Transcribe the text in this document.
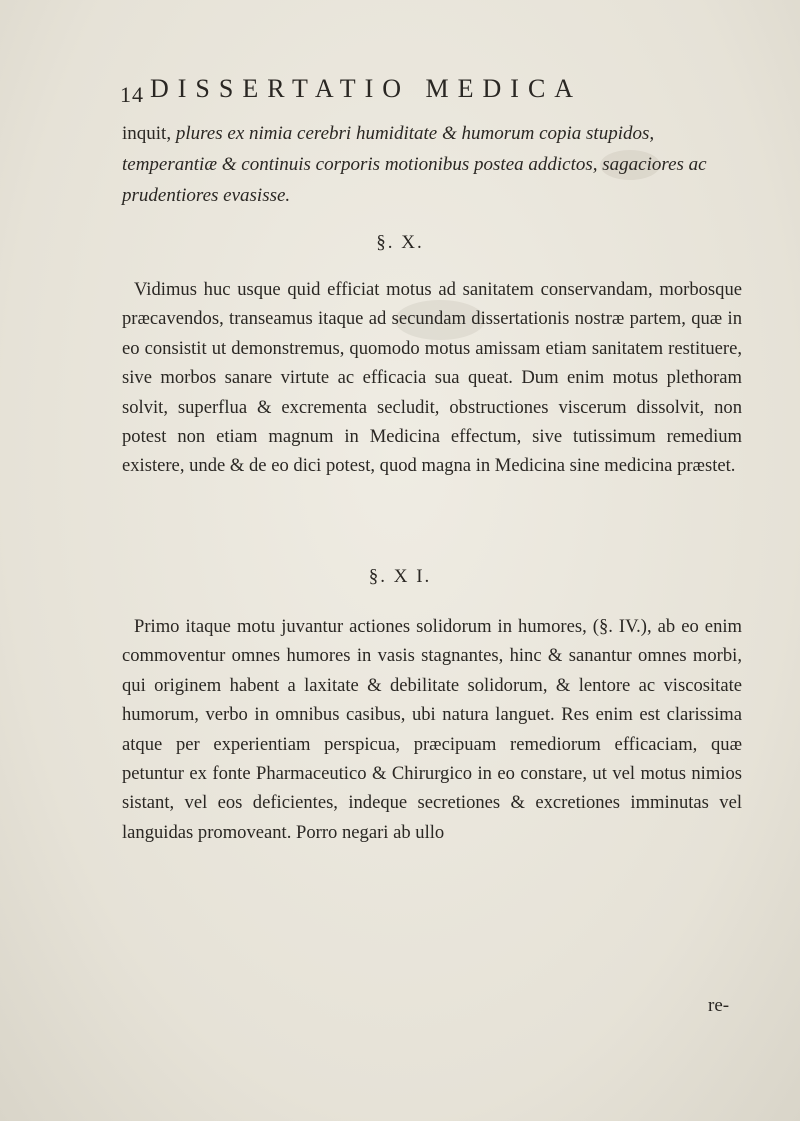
14 DISSERTATIO MEDICA
inquit, plures ex nimia cerebri humiditate & humorum copia stupidos, temperantiæ & continuis corporis motionibus postea addictos, sagaciores ac prudentiores evasisse.
§. X.
Vidimus huc usque quid efficiat motus ad sanitatem conservandam, morbosque præcavendos, transeamus itaque ad secundam dissertationis nostræ partem, quæ in eo consistit ut demonstremus, quomodo motus amissam etiam sanitatem restituere, sive morbos sanare virtute ac efficacia sua queat. Dum enim motus plethoram solvit, superflua & excrementa secludit, obstructiones viscerum dissolvit, non potest non etiam magnum in Medicina effectum, sive tutissimum remedium existere, unde & de eo dici potest, quod magna in Medicina sine medicina præstet.
§. X I.
Primo itaque motu juvantur actiones solidorum in humores, (§. IV.), ab eo enim commoventur omnes humores in vasis stagnantes, hinc & sanantur omnes morbi, qui originem habent a laxitate & debilitate solidorum, & lentore ac viscositate humorum, verbo in omnibus casibus, ubi natura languet. Res enim est clarissima atque per experientiam perspicua, præcipuam remediorum efficaciam, quæ petuntur ex fonte Pharmaceutico & Chirurgico in eo constare, ut vel motus nimios sistant, vel eos deficientes, indeque secretiones & excretiones imminutas vel languidas promoveant. Porro negari ab ullo
re-
